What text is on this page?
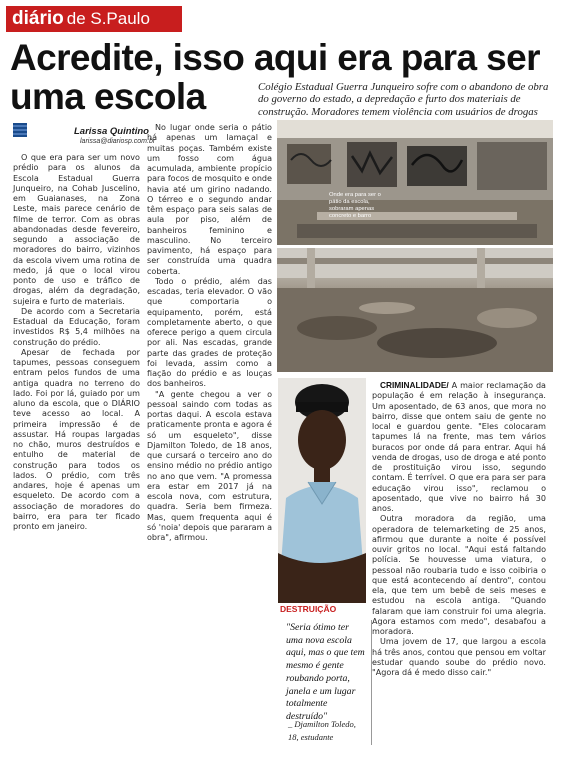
diário de S.Paulo
Acredite, isso aqui era para ser
uma escola	Colégio Estadual Guerra Junqueiro sofre com o abandono de obra do governo do estado, a depredação e furto dos materiais de construção. Moradores temem violência com usuários de drogas
Larissa Quintino
larissa@diariosp.com.br

O que era para ser um novo prédio para os alunos da Escola Estadual Guerra Junqueiro, na Cohab Juscelino, em Guaianases, na Zona Leste, mais parece cenário de filme de terror. Com as obras abandonadas desde fevereiro, segundo a associação de moradores do bairro, vizinhos da escola vivem uma rotina de medo, já que o local virou ponto de uso e tráfico de drogas, além da degradação, sujeira e furto de materiais.

De acordo com a Secretaria Estadual da Educação, foram investidos R$ 5,4 milhões na construção do prédio.

Apesar de fechada por tapumes, pessoas conseguem entram pelos fundos de uma antiga quadra no terreno do lado. Foi por lá, guiado por um aluno da escola, que o DIÁRIO teve acesso ao local. A primeira impressão é de assustar. Há roupas largadas no chão, muros destruídos e entulho de material de construção para todos os lados. O prédio, com três andares, hoje é apenas um esqueleto. De acordo com a associação de moradores do bairro, era para ter ficado pronto em janeiro.

No lugar onde seria o pátio há apenas um lamaçal e muitas poças. Também existe um fosso com água acumulada, ambiente propício para focos de mosquito e onde havia até um girino nadando. O térreo e o segundo andar têm espaço para seis salas de aula por piso, além de banheiros feminino e masculino. No terceiro pavimento, há espaço para ser construída uma quadra coberta.

Todo o prédio, além das escadas, teria elevador. O vão que comportaria o equipamento, porém, está completamente aberto, o que oferece perigo a quem circula por ali. Nas escadas, grande parte das grades de proteção foi levada, assim como a fiação do prédio e as louças dos banheiros.

"A gente chegou a ver o pessoal saindo com todas as portas daqui. A escola estava praticamente pronta e agora é só um esqueleto", disse Djamilton Toledo, de 18 anos, que cursará o terceiro ano do ensino médio no prédio antigo no ano que vem. "A promessa era estar em 2017 já na escola nova, com estrutura, quadra. Seria bem firmeza. Mas, quem frequenta aqui é só 'noia' depois que pararam a obra", afirmou.

Onde era para ser o pátio da escola, sobraram apenas concreto e barro
DESTRUIÇÃO
"Seria ótimo ter uma nova escola aqui, mas o que tem mesmo é gente roubando porta, janela e um lugar totalmente destruído"
_ Djamilton Toledo, 18, estudante

CRIMINALIDADE/ A maior reclamação da população é em relação à insegurança. Um aposentado, de 63 anos, que mora no bairro, disse que ontem saiu de gente no local e guardou gente. "Eles colocaram tapumes lá na frente, mas tem vários buracos por onde dá para entrar. Aqui há venda de drogas, uso de droga e até ponto de prostituição virou isso, segundo contam. É terrível. O que era para ser para educação virou isso", reclamou o aposentado, que vive no bairro há 30 anos.

Outra moradora da região, uma operadora de telemarketing de 25 anos, afirmou que durante a noite é possível ouvir gritos no local. "Aqui está faltando polícia. Se houvesse uma viatura, o pessoal não roubaria tudo e isso coibiria o que está acontecendo aí dentro", contou ela, que tem um bebê de seis meses e estudou na escola antiga. "Quando falaram que iam construir foi uma alegria. Agora estamos com medo", desabafou a moradora.

Uma jovem de 17, que largou a escola há três anos, contou que pensou em voltar estudar quando soube do prédio novo. "Agora dá é medo disso cair."
